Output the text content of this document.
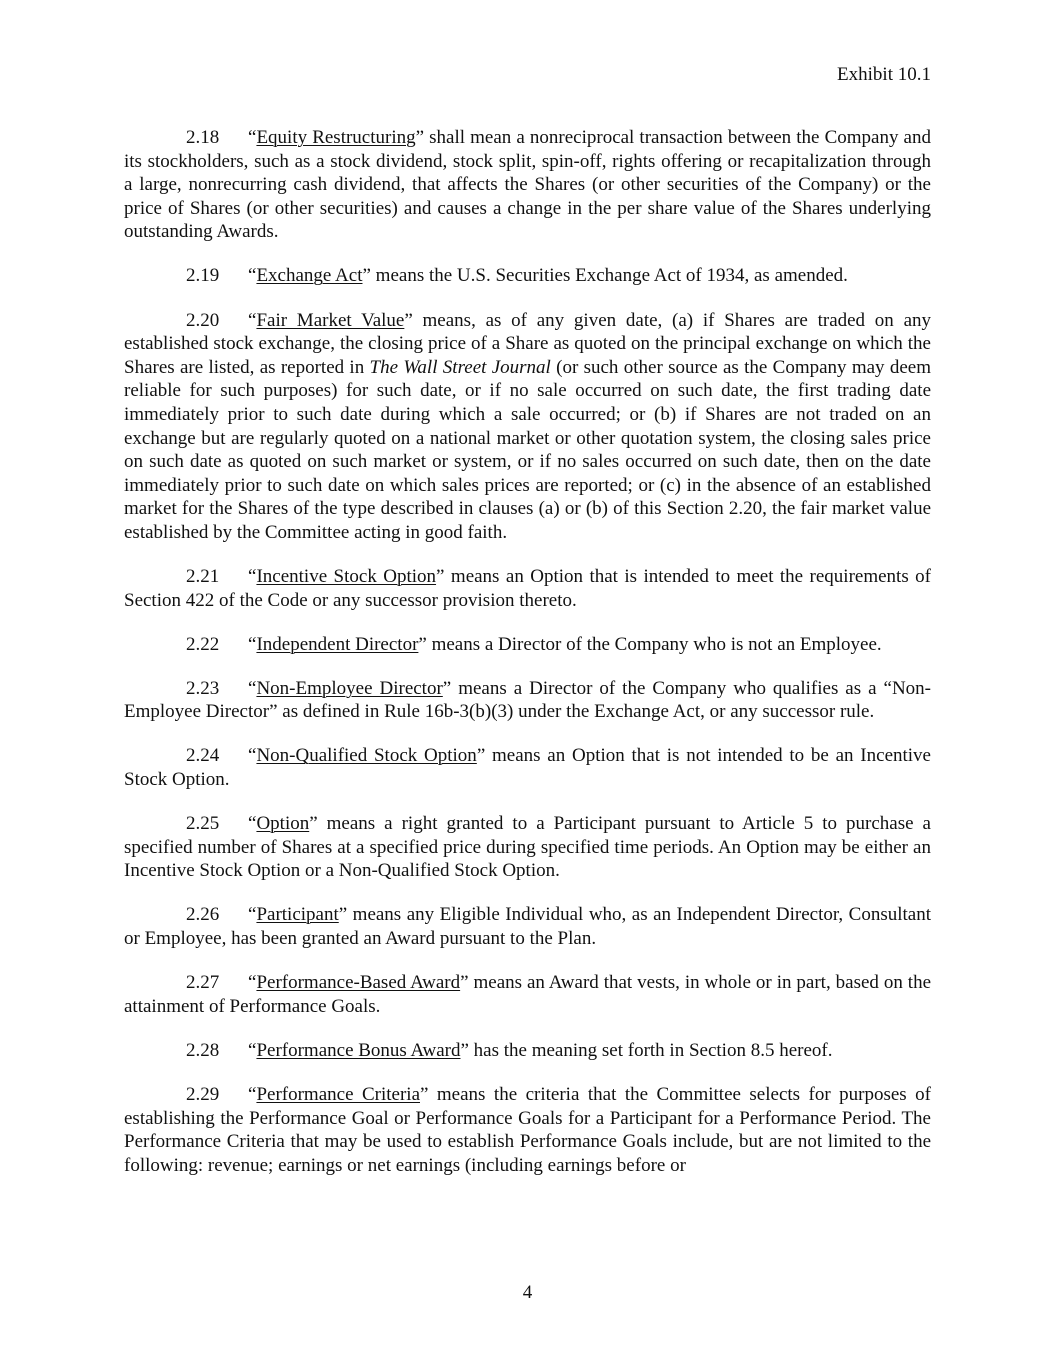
Exhibit 10.1

2.18 “Equity Restructuring” shall mean a nonreciprocal transaction between the Company and its stockholders, such as a stock dividend, stock split, spin-off, rights offering or recapitalization through a large, nonrecurring cash dividend, that affects the Shares (or other securities of the Company) or the price of Shares (or other securities) and causes a change in the per share value of the Shares underlying outstanding Awards.

2.19 “Exchange Act” means the U.S. Securities Exchange Act of 1934, as amended.

2.20 “Fair Market Value” means, as of any given date, (a) if Shares are traded on any established stock exchange, the closing price of a Share as quoted on the principal exchange on which the Shares are listed, as reported in The Wall Street Journal (or such other source as the Company may deem reliable for such purposes) for such date, or if no sale occurred on such date, the first trading date immediately prior to such date during which a sale occurred; or (b) if Shares are not traded on an exchange but are regularly quoted on a national market or other quotation system, the closing sales price on such date as quoted on such market or system, or if no sales occurred on such date, then on the date immediately prior to such date on which sales prices are reported; or (c) in the absence of an established market for the Shares of the type described in clauses (a) or (b) of this Section 2.20, the fair market value established by the Committee acting in good faith.

2.21 “Incentive Stock Option” means an Option that is intended to meet the requirements of Section 422 of the Code or any successor provision thereto.

2.22 “Independent Director” means a Director of the Company who is not an Employee.

2.23 “Non-Employee Director” means a Director of the Company who qualifies as a “Non-Employee Director” as defined in Rule 16b-3(b)(3) under the Exchange Act, or any successor rule.

2.24 “Non-Qualified Stock Option” means an Option that is not intended to be an Incentive Stock Option.

2.25 “Option” means a right granted to a Participant pursuant to Article 5 to purchase a specified number of Shares at a specified price during specified time periods. An Option may be either an Incentive Stock Option or a Non-Qualified Stock Option.

2.26 “Participant” means any Eligible Individual who, as an Independent Director, Consultant or Employee, has been granted an Award pursuant to the Plan.

2.27 “Performance-Based Award” means an Award that vests, in whole or in part, based on the attainment of Performance Goals.

2.28 “Performance Bonus Award” has the meaning set forth in Section 8.5 hereof.

2.29 “Performance Criteria” means the criteria that the Committee selects for purposes of establishing the Performance Goal or Performance Goals for a Participant for a Performance Period. The Performance Criteria that may be used to establish Performance Goals include, but are not limited to the following: revenue; earnings or net earnings (including earnings before or

4
